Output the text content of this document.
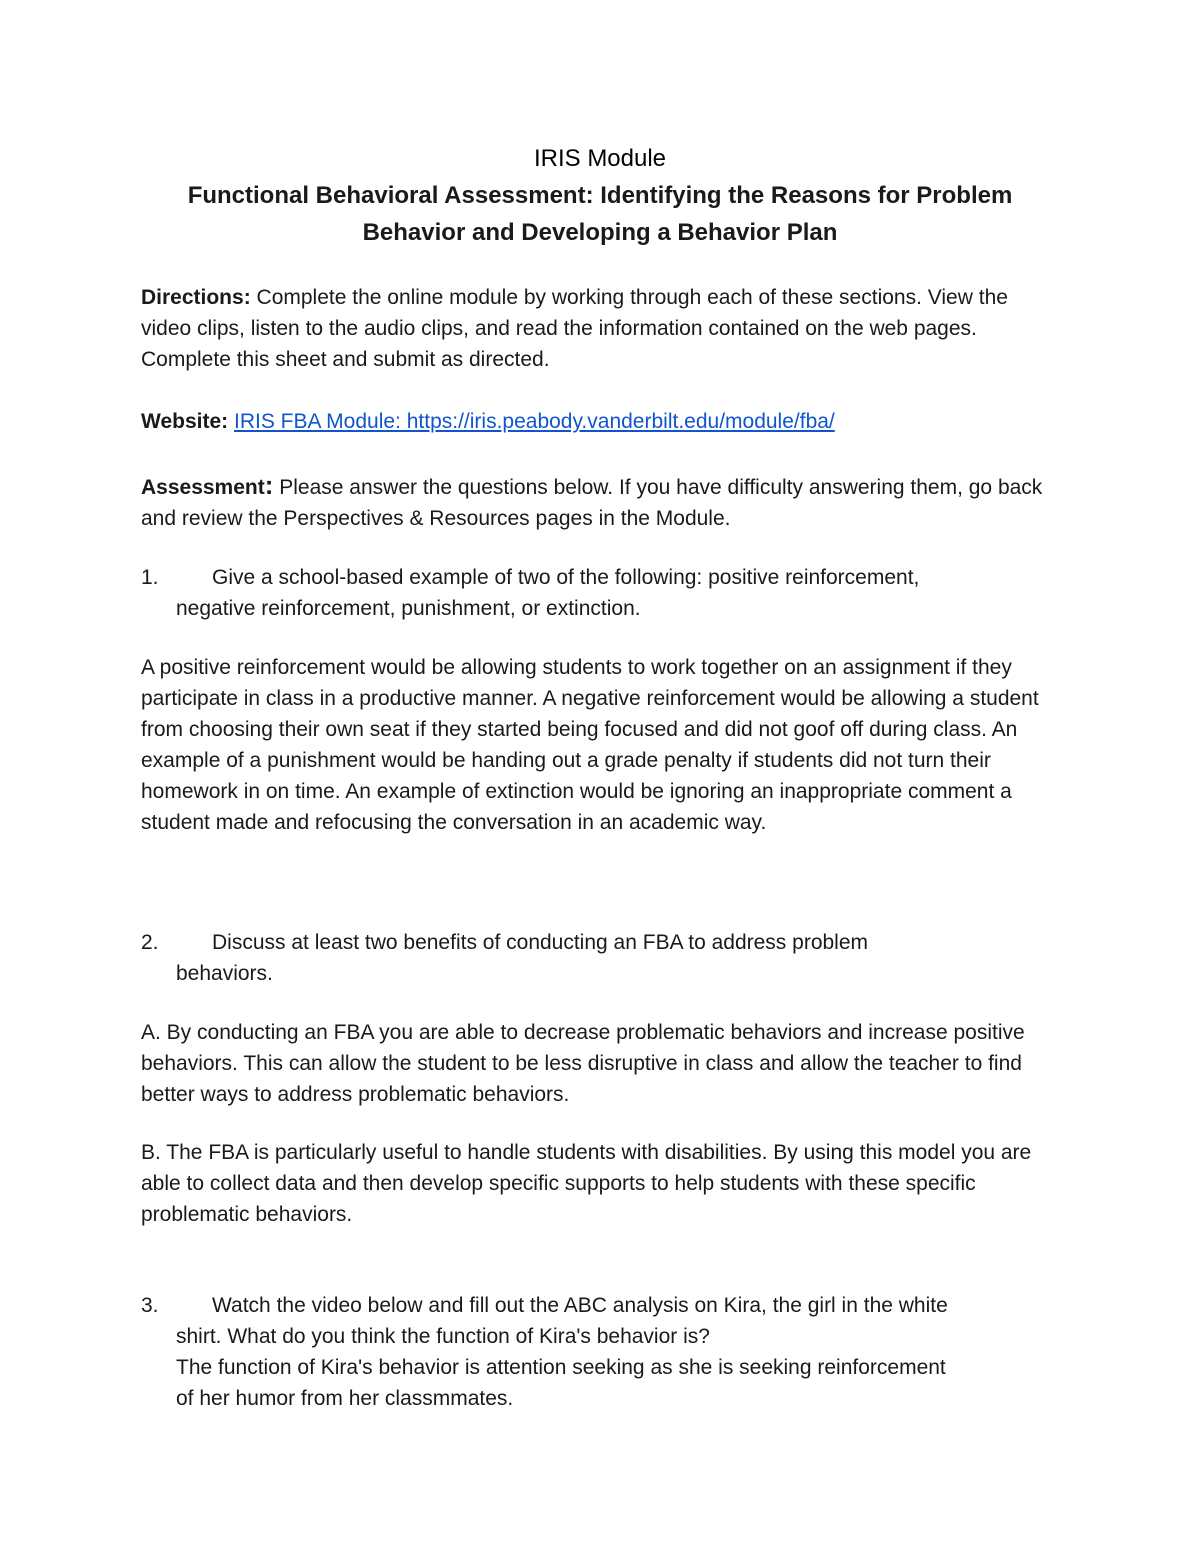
IRIS Module
Functional Behavioral Assessment: Identifying the Reasons for Problem
Behavior and Developing a Behavior Plan
Directions: Complete the online module by working through each of these sections. View the video clips, listen to the audio clips, and read the information contained on the web pages. Complete this sheet and submit as directed.
Website: IRIS FBA Module: https://iris.peabody.vanderbilt.edu/module/fba/
Assessment: Please answer the questions below. If you have difficulty answering them, go back and review the Perspectives & Resources pages in the Module.
1.	Give a school-based example of two of the following: positive reinforcement,
negative reinforcement, punishment, or extinction.
A positive reinforcement would be allowing students to work together on an assignment if they participate in class in a productive manner. A negative reinforcement would be allowing a student from choosing their own seat if they started being focused and did not goof off during class. An example of a punishment would be handing out a grade penalty if students did not turn their homework in on time. An example of extinction would be ignoring an inappropriate comment a student made and refocusing the conversation in an academic way.
2.	Discuss at least two benefits of conducting an FBA to address problem
behaviors.
A. By conducting an FBA you are able to decrease problematic behaviors and increase positive behaviors. This can allow the student to be less disruptive in class and allow the teacher to find better ways to address problematic behaviors.
B. The FBA is particularly useful to handle students with disabilities. By using this model you are able to collect data and then develop specific supports to help students with these specific problematic behaviors.
3.	Watch the video below and fill out the ABC analysis on Kira, the girl in the white
shirt. What do you think the function of Kira's behavior is?
The function of Kira's behavior is attention seeking as she is seeking reinforcement
of her humor from her classmmates.
